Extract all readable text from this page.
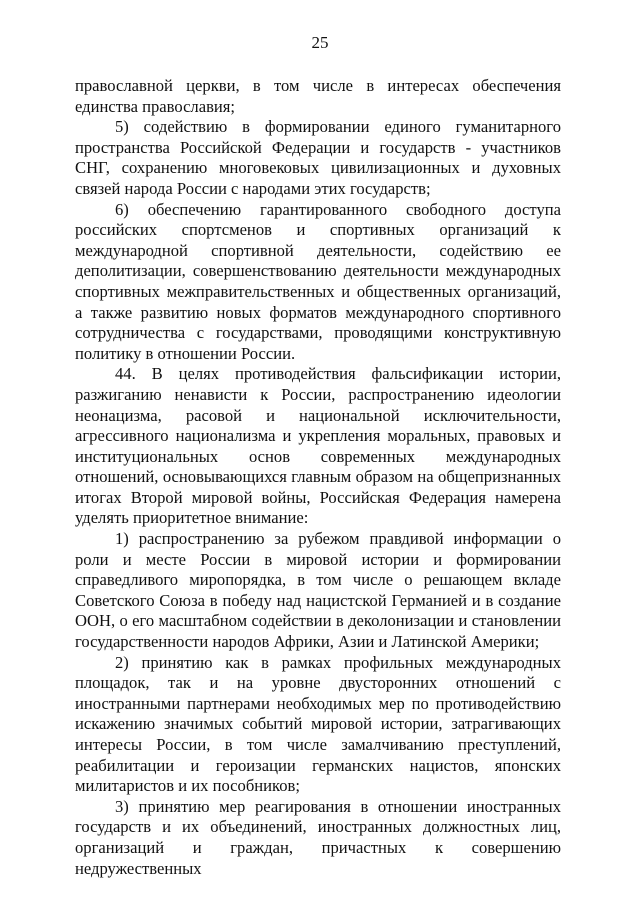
25

православной церкви, в том числе в интересах обеспечения единства православия;

5) содействию в формировании единого гуманитарного пространства Российской Федерации и государств - участников СНГ, сохранению многовековых цивилизационных и духовных связей народа России с народами этих государств;

6) обеспечению гарантированного свободного доступа российских спортсменов и спортивных организаций к международной спортивной деятельности, содействию ее деполитизации, совершенствованию деятельности международных спортивных межправительственных и общественных организаций, а также развитию новых форматов международного спортивного сотрудничества с государствами, проводящими конструктивную политику в отношении России.

44. В целях противодействия фальсификации истории, разжиганию ненависти к России, распространению идеологии неонацизма, расовой и национальной исключительности, агрессивного национализма и укрепления моральных, правовых и институциональных основ современных международных отношений, основывающихся главным образом на общепризнанных итогах Второй мировой войны, Российская Федерация намерена уделять приоритетное внимание:

1) распространению за рубежом правдивой информации о роли и месте России в мировой истории и формировании справедливого миропорядка, в том числе о решающем вкладе Советского Союза в победу над нацистской Германией и в создание ООН, о его масштабном содействии в деколонизации и становлении государственности народов Африки, Азии и Латинской Америки;

2) принятию как в рамках профильных международных площадок, так и на уровне двусторонних отношений с иностранными партнерами необходимых мер по противодействию искажению значимых событий мировой истории, затрагивающих интересы России, в том числе замалчиванию преступлений, реабилитации и героизации германских нацистов, японских милитаристов и их пособников;

3) принятию мер реагирования в отношении иностранных государств и их объединений, иностранных должностных лиц, организаций и граждан, причастных к совершению недружественных
